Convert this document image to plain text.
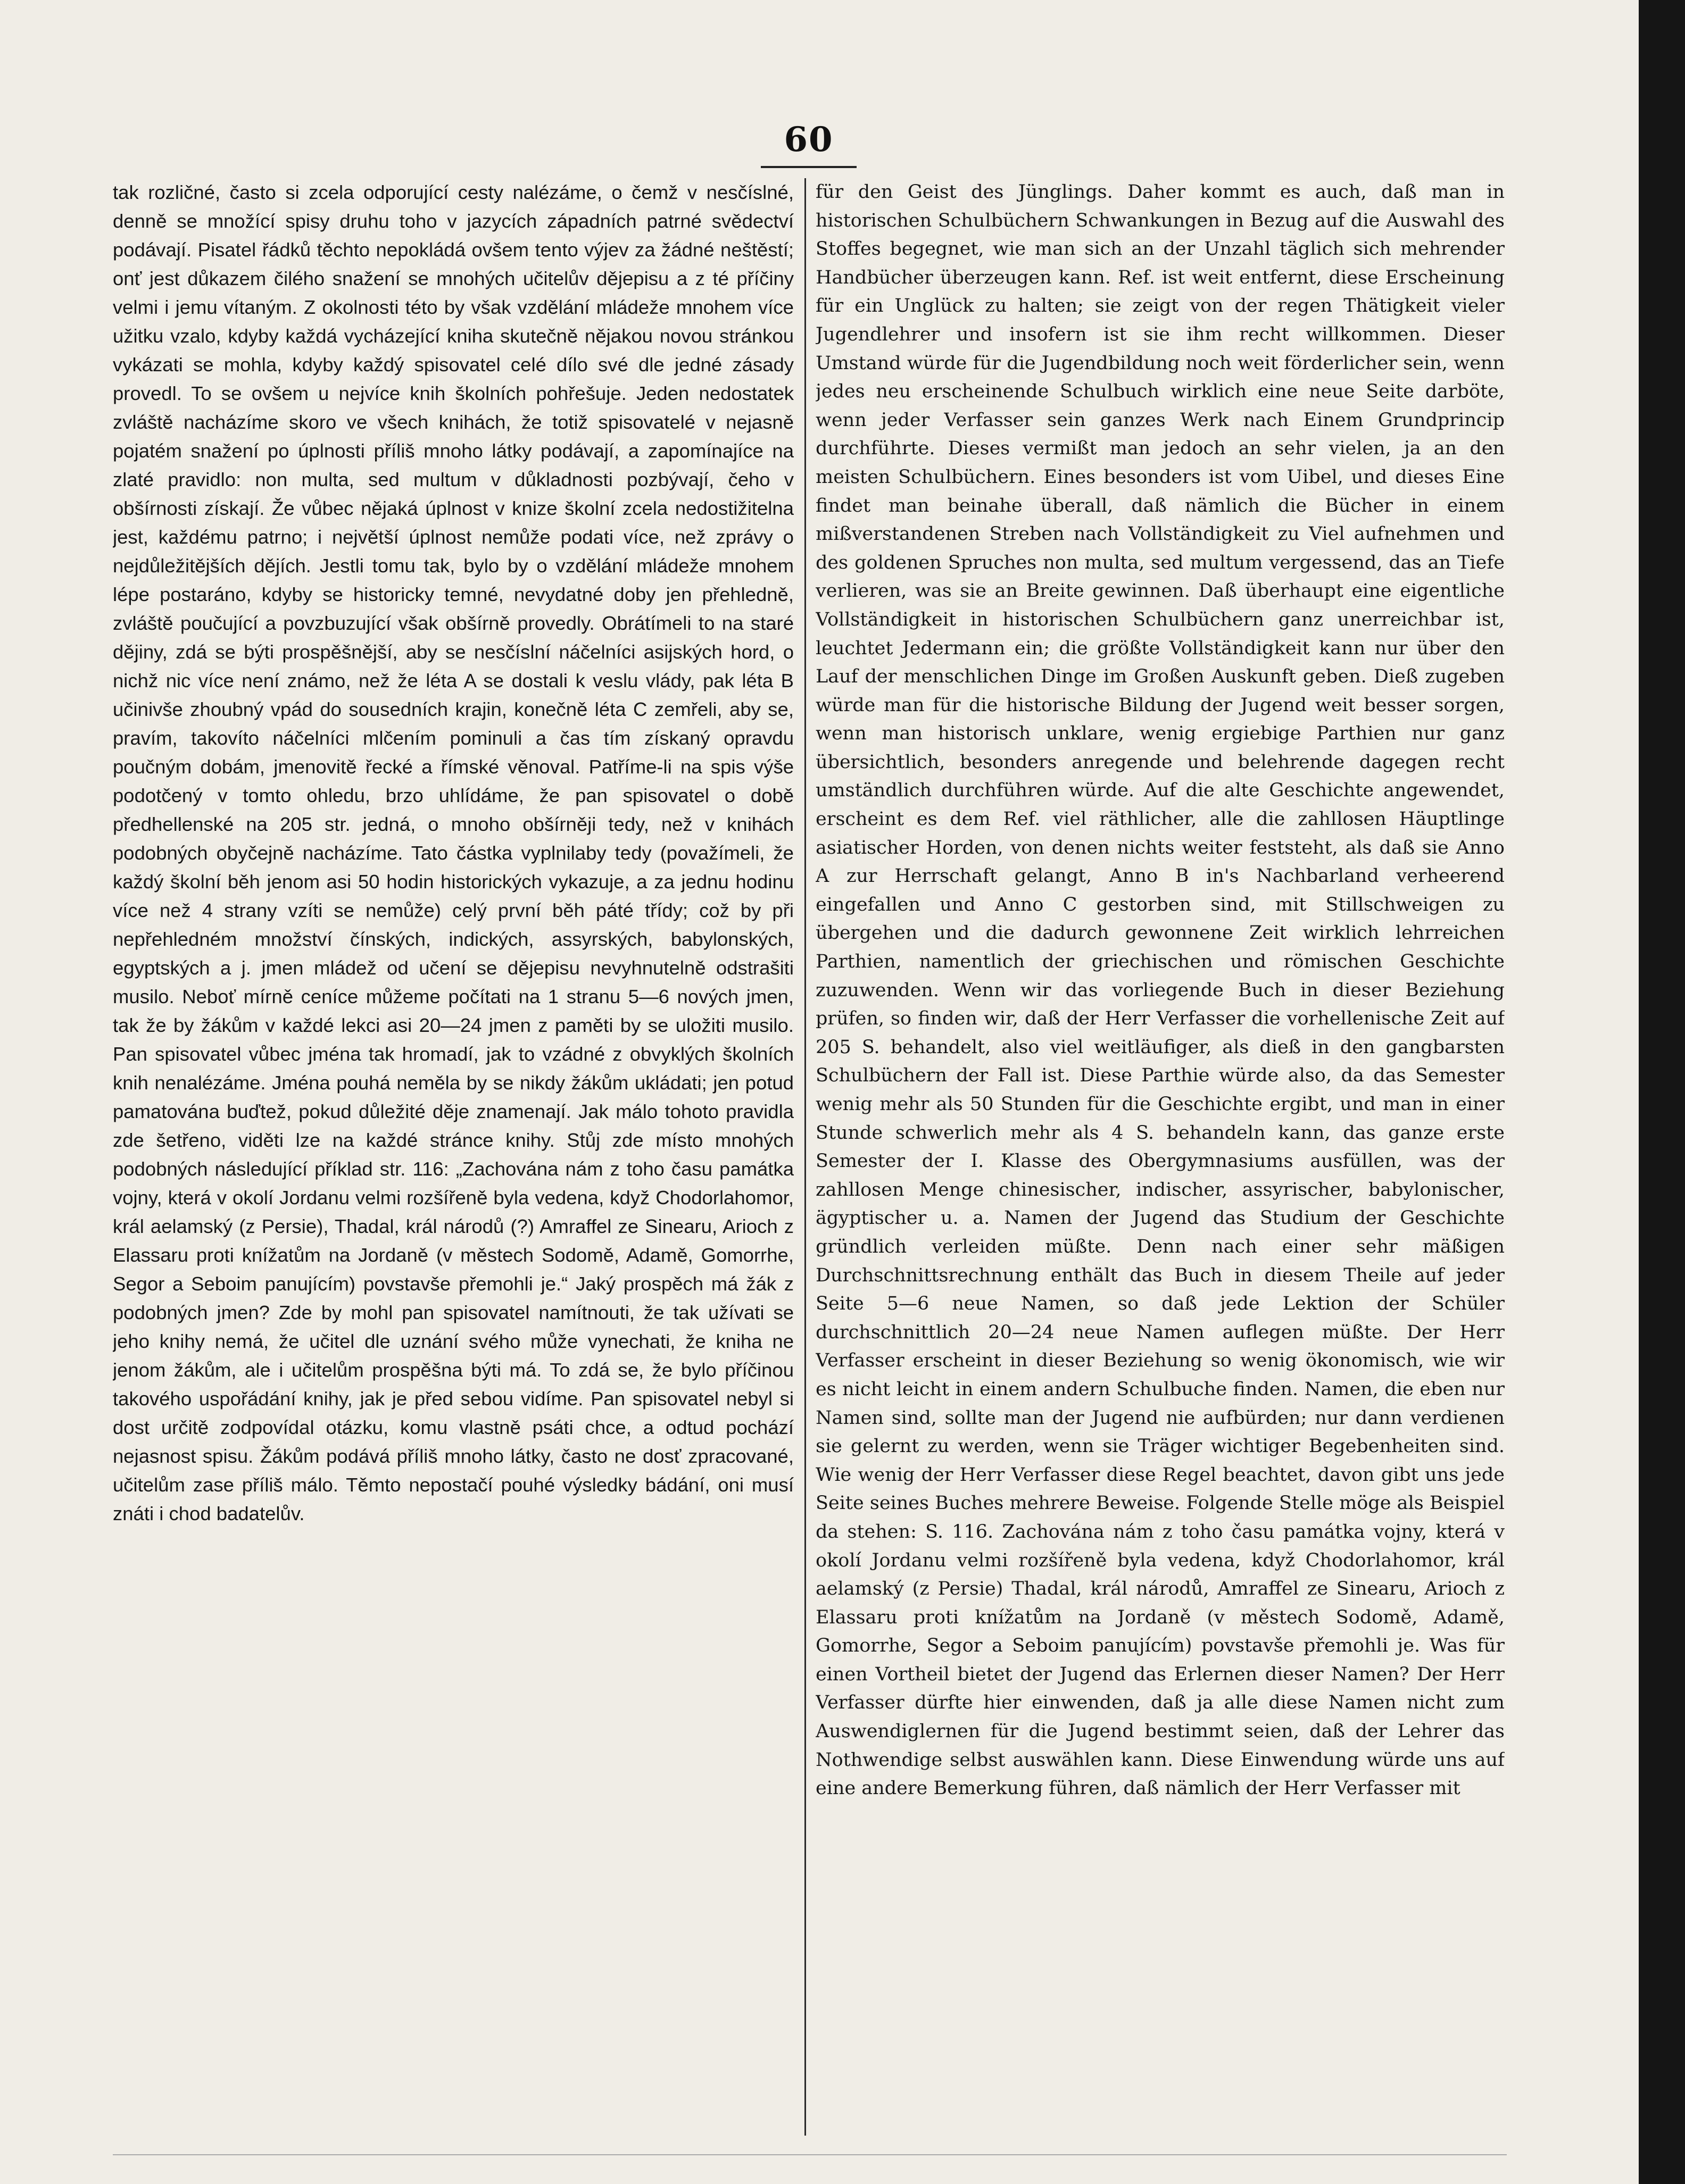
60

tak rozličné, často si zcela odporující cesty nalézáme, o čemž v nesčíslné, denně se množící spisy druhu toho v jazycích západních patrné svědectví podávají. Pisatel řádků těchto nepokládá ovšem tento výjev za žádné neštěstí; onť jest důkazem čilého snažení se mnohých učitelův dějepisu a z té příčiny velmi i jemu vítaným. Z okolnosti této by však vzdělání mládeže mnohem více užitku vzalo, kdyby každá vycházející kniha skutečně nějakou novou stránkou vykázati se mohla, kdyby každý spisovatel celé dílo své dle jedné zásady provedl. To se ovšem u nejvíce knih školních pohřešuje. Jeden nedostatek zvláště nacházíme skoro ve všech knihách, že totiž spisovatelé v nejasně pojatém snažení po úplnosti příliš mnoho látky podávají, a zapomínajíce na zlaté pravidlo: non multa, sed multum v důkladnosti pozbývají, čeho v obšírnosti získají. Že vůbec nějaká úplnost v knize školní zcela nedostižitelna jest, každému patrno; i největší úplnost nemůže podati více, než zprávy o nejdůležitějších dějích. Jestli tomu tak, bylo by o vzdělání mládeže mnohem lépe postaráno, kdyby se historicky temné, nevydatné doby jen přehledně, zvláště poučující a povzbuzující však obšírně provedly. Obrátímeli to na staré dějiny, zdá se býti prospěšnější, aby se nesčíslní náčelníci asijských hord, o nichž nic více není známo, než že léta A se dostali k veslu vlády, pak léta B učinivše zhoubný vpád do sousedních krajin, konečně léta C zemřeli, aby se, pravím, takovíto náčelníci mlčením pominuli a čas tím získaný opravdu poučným dobám, jmenovitě řecké a římské věnoval. Patříme-li na spis výše podotčený v tomto ohledu, brzo uhlídáme, že pan spisovatel o době předhellenské na 205 str. jedná, o mnoho obšírněji tedy, než v knihách podobných obyčejně nacházíme. Tato částka vyplnilaby tedy (považímeli, že každý školní běh jenom asi 50 hodin historických vykazuje, a za jednu hodinu více než 4 strany vzíti se nemůže) celý první běh páté třídy; což by při nepřehledném množství čínských, indických, assyrských, babylonských, egyptských a j. jmen mládež od učení se dějepisu nevyhnutelně odstrašiti musilo. Neboť mírně ceníce můžeme počítati na 1 stranu 5—6 nových jmen, tak že by žákům v každé lekci asi 20—24 jmen z paměti by se uložiti musilo. Pan spisovatel vůbec jména tak hromadí, jak to vzádné z obvyklých školních knih nenalézáme. Jména pouhá neměla by se nikdy žákům ukládati; jen potud pamatována buďtež, pokud důležité děje znamenají. Jak málo tohoto pravidla zde šetřeno, viděti lze na každé stránce knihy. Stůj zde místo mnohých podobných následující příklad str. 116: „Zachována nám z toho času památka vojny, která v okolí Jordanu velmi rozšířeně byla vedena, když Chodorlahomor, král aelamský (z Persie), Thadal, král národů (?) Amraffel ze Sinearu, Arioch z Elassaru proti knížatům na Jordaně (v městech Sodomě, Adamě, Gomorrhe, Segor a Seboim panujícím) povstavše přemohli je.“ Jaký prospěch má žák z podobných jmen? Zde by mohl pan spisovatel namítnouti, že tak užívati se jeho knihy nemá, že učitel dle uznání svého může vynechati, že kniha ne jenom žákům, ale i učitelům prospěšna býti má. To zdá se, že bylo příčinou takového uspořádání knihy, jak je před sebou vidíme. Pan spisovatel nebyl si dost určitě zodpovídal otázku, komu vlastně psáti chce, a odtud pochází nejasnost spisu. Žákům podává příliš mnoho látky, často ne dosť zpracované, učitelům zase příliš málo. Těmto nepostačí pouhé výsledky bádání, oni musí znáti i chod badatelův.

für den Geist des Jünglings. Daher kommt es auch, daß man in historischen Schulbüchern Schwankungen in Bezug auf die Auswahl des Stoffes begegnet, wie man sich an der Unzahl täglich sich mehrender Handbücher überzeugen kann. Ref. ist weit entfernt, diese Erscheinung für ein Unglück zu halten; sie zeigt von der regen Thätigkeit vieler Jugendlehrer und insofern ist sie ihm recht willkommen. Dieser Umstand würde für die Jugendbildung noch weit förderlicher sein, wenn jedes neu erscheinende Schulbuch wirklich eine neue Seite darböte, wenn jeder Verfasser sein ganzes Werk nach Einem Grundprincip durchführte. Dieses vermißt man jedoch an sehr vielen, ja an den meisten Schulbüchern. Eines besonders ist vom Uibel, und dieses Eine findet man beinahe überall, daß nämlich die Bücher in einem mißverstandenen Streben nach Vollständigkeit zu Viel aufnehmen und des goldenen Spruches non multa, sed multum vergessend, das an Tiefe verlieren, was sie an Breite gewinnen. Daß überhaupt eine eigentliche Vollständigkeit in historischen Schulbüchern ganz unerreichbar ist, leuchtet Jedermann ein; die größte Vollständigkeit kann nur über den Lauf der menschlichen Dinge im Großen Auskunft geben. Dieß zugeben würde man für die historische Bildung der Jugend weit besser sorgen, wenn man historisch unklare, wenig ergiebige Parthien nur ganz übersichtlich, besonders anregende und belehrende dagegen recht umständlich durchführen würde. Auf die alte Geschichte angewendet, erscheint es dem Ref. viel räthlicher, alle die zahllosen Häuptlinge asiatischer Horden, von denen nichts weiter feststeht, als daß sie Anno A zur Herrschaft gelangt, Anno B in's Nachbarland verheerend eingefallen und Anno C gestorben sind, mit Stillschweigen zu übergehen und die dadurch gewonnene Zeit wirklich lehrreichen Parthien, namentlich der griechischen und römischen Geschichte zuzuwenden. Wenn wir das vorliegende Buch in dieser Beziehung prüfen, so finden wir, daß der Herr Verfasser die vorhellenische Zeit auf 205 S. behandelt, also viel weitläufiger, als dieß in den gangbarsten Schulbüchern der Fall ist. Diese Parthie würde also, da das Semester wenig mehr als 50 Stunden für die Geschichte ergibt, und man in einer Stunde schwerlich mehr als 4 S. behandeln kann, das ganze erste Semester der I. Klasse des Obergymnasiums ausfüllen, was der zahllosen Menge chinesischer, indischer, assyrischer, babylonischer, ägyptischer u. a. Namen der Jugend das Studium der Geschichte gründlich verleiden müßte. Denn nach einer sehr mäßigen Durchschnittsrechnung enthält das Buch in diesem Theile auf jeder Seite 5—6 neue Namen, so daß jede Lektion der Schüler durchschnittlich 20—24 neue Namen auflegen müßte. Der Herr Verfasser erscheint in dieser Beziehung so wenig ökonomisch, wie wir es nicht leicht in einem andern Schulbuche finden. Namen, die eben nur Namen sind, sollte man der Jugend nie aufbürden; nur dann verdienen sie gelernt zu werden, wenn sie Träger wichtiger Begebenheiten sind. Wie wenig der Herr Verfasser diese Regel beachtet, davon gibt uns jede Seite seines Buches mehrere Beweise. Folgende Stelle möge als Beispiel da stehen: S. 116. Zachována nám z toho času památka vojny, která v okolí Jordanu velmi rozšířeně byla vedena, když Chodorlahomor, král aelamský (z Persie) Thadal, král národů, Amraffel ze Sinearu, Arioch z Elassaru proti knížatům na Jordaně (v městech Sodomě, Adamě, Gomorrhe, Segor a Seboim panujícím) povstavše přemohli je. Was für einen Vortheil bietet der Jugend das Erlernen dieser Namen? Der Herr Verfasser dürfte hier einwenden, daß ja alle diese Namen nicht zum Auswendiglernen für die Jugend bestimmt seien, daß der Lehrer das Nothwendige selbst auswählen kann. Diese Einwendung würde uns auf eine andere Bemerkung führen, daß nämlich der Herr Verfasser mit
